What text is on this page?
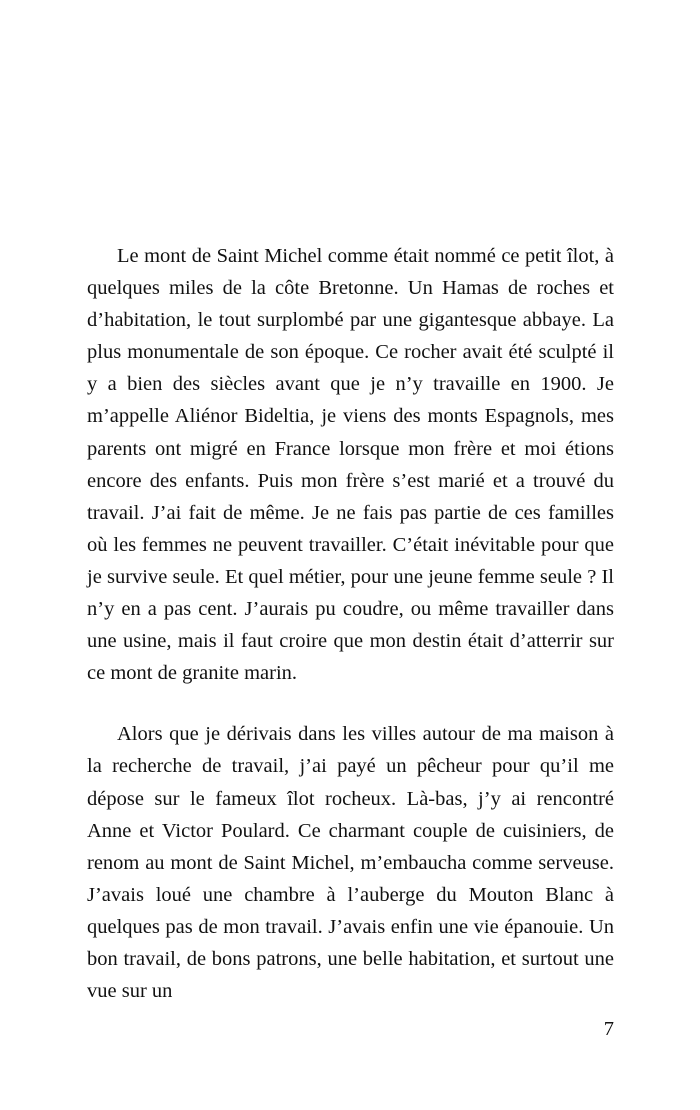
Le mont de Saint Michel comme était nommé ce petit îlot, à quelques miles de la côte Bretonne. Un Hamas de roches et d’habitation, le tout surplombé par une gigantesque abbaye. La plus monumentale de son époque. Ce rocher avait été sculpté il y a bien des siècles avant que je n’y travaille en 1900. Je m’appelle Aliénor Bideltia, je viens des monts Espagnols, mes parents ont migré en France lorsque mon frère et moi étions encore des enfants. Puis mon frère s’est marié et a trouvé du travail. J’ai fait de même. Je ne fais pas partie de ces familles où les femmes ne peuvent travailler. C’était inévitable pour que je survive seule. Et quel métier, pour une jeune femme seule ? Il n’y en a pas cent. J’aurais pu coudre, ou même travailler dans une usine, mais il faut croire que mon destin était d’atterrir sur ce mont de granite marin.

Alors que je dérivais dans les villes autour de ma maison à la recherche de travail, j’ai payé un pêcheur pour qu’il me dépose sur le fameux îlot rocheux. Là-bas, j’y ai rencontré Anne et Victor Poulard. Ce charmant couple de cuisiniers, de renom au mont de Saint Michel, m’embaucha comme serveuse. J’avais loué une chambre à l’auberge du Mouton Blanc à quelques pas de mon travail. J’avais enfin une vie épanouie. Un bon travail, de bons patrons, une belle habitation, et surtout une vue sur un

7
